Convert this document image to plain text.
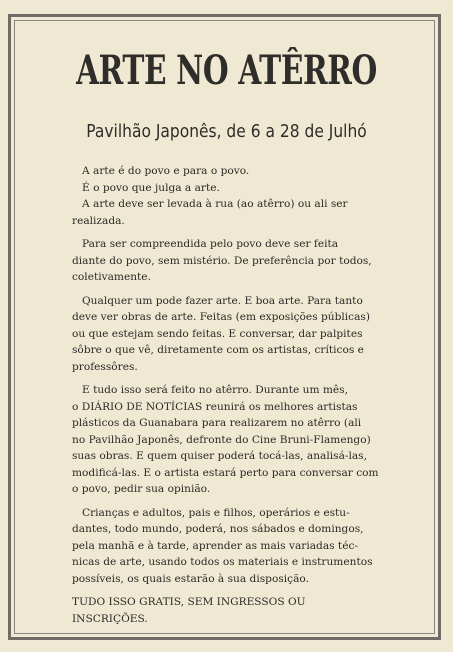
ARTE NO ATÊRRO
Pavilhão Japonês, de 6 a 28 de Julhó

A arte é do povo e para o povo.

É o povo que julga a arte.

A arte deve ser levada à rua (ao atêrro) ou ali ser
realizada.

Para ser compreendida pelo povo deve ser feita
diante do povo, sem mistério. De preferência por todos,
coletivamente.

Qualquer um pode fazer arte. E boa arte. Para tanto
deve ver obras de arte. Feitas (em exposições públicas)
ou que estejam sendo feitas. E conversar, dar palpites
sôbre o que vê, diretamente com os artistas, críticos e
professôres.

E tudo isso será feito no atêrro. Durante um mês,
o DIÁRIO DE NOTÍCIAS reunirá os melhores artistas
plásticos da Guanabara para realizarem no atêrro (ali
no Pavilhão Japonês, defronte do Cine Bruni-Flamengo)
suas obras. E quem quiser poderá tocá-las, analisá-las,
modificá-las. E o artista estará perto para conversar com
o povo, pedir sua opinião.

Crianças e adultos, pais e filhos, operários e estu-
dantes, todo mundo, poderá, nos sábados e domingos,
pela manhã e à tarde, aprender as mais variadas téc-
nicas de arte, usando todos os materiais e instrumentos
possíveis, os quais estarão à sua disposição.

TUDO ISSO GRATIS, SEM INGRESSOS OU
INSCRIÇÕES.
